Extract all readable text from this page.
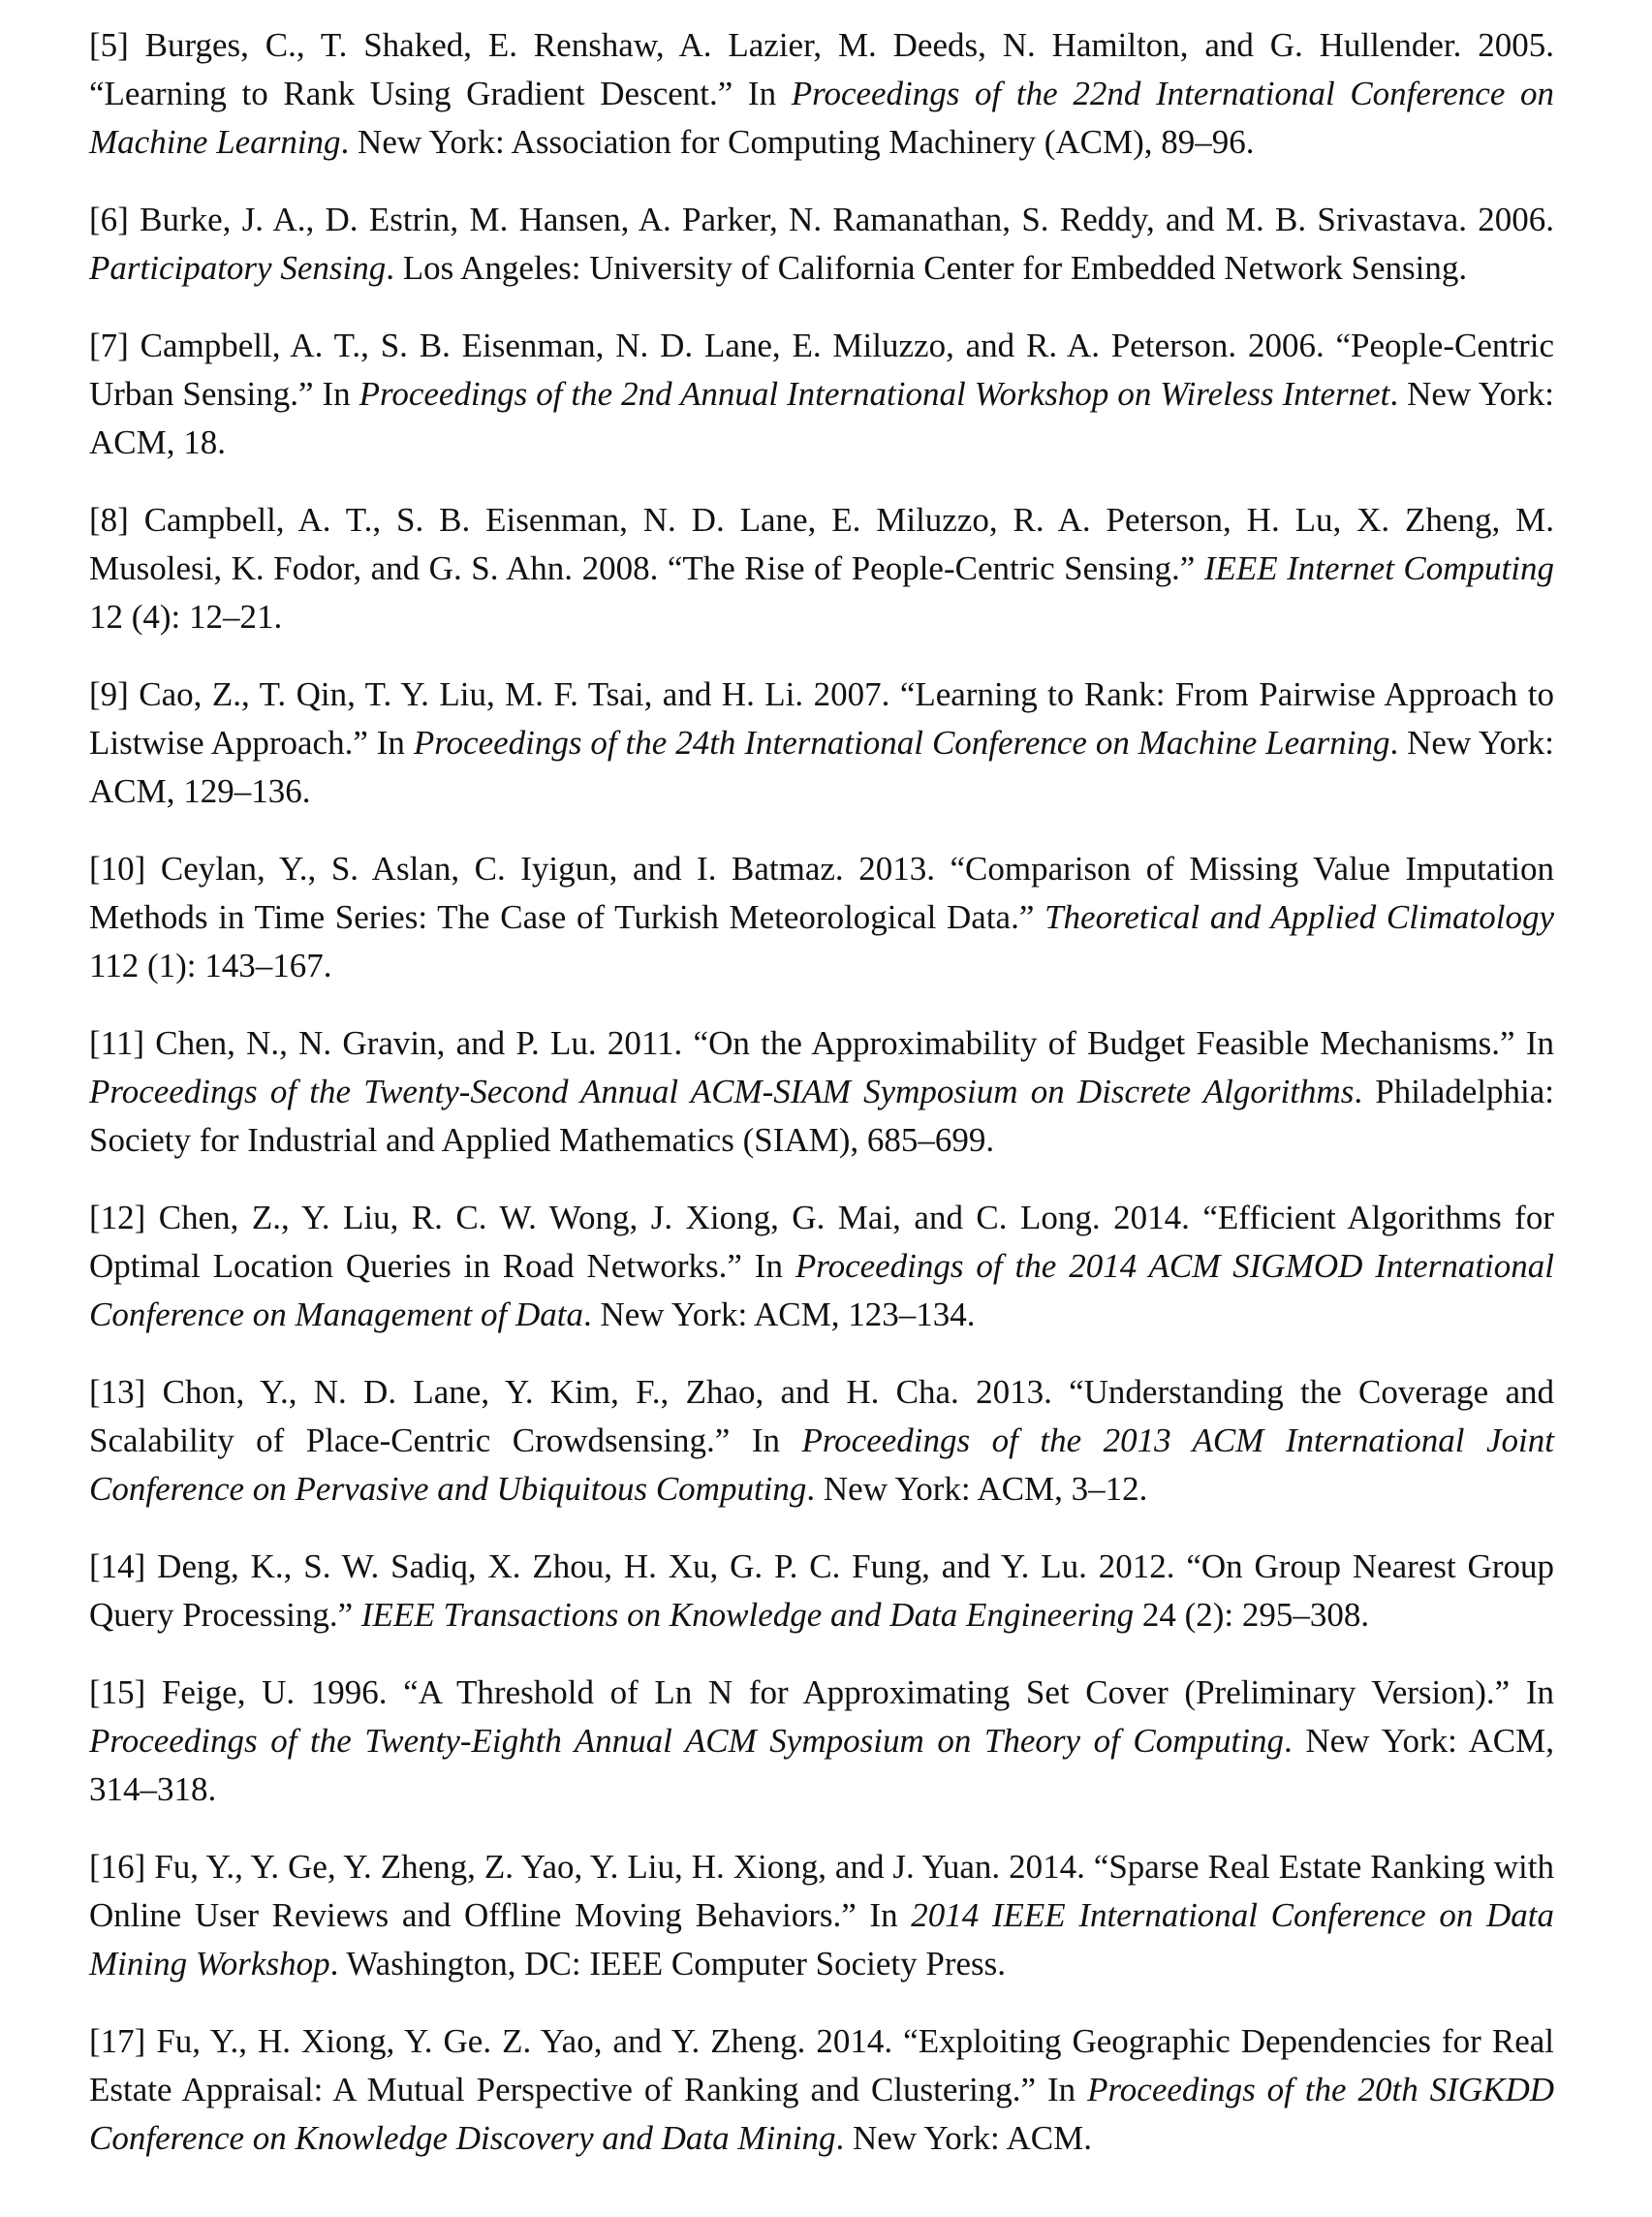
[5] Burges, C., T. Shaked, E. Renshaw, A. Lazier, M. Deeds, N. Hamilton, and G. Hullender. 2005. “Learning to Rank Using Gradient Descent.” In Proceedings of the 22nd International Conference on Machine Learning. New York: Association for Computing Machinery (ACM), 89–96.

[6] Burke, J. A., D. Estrin, M. Hansen, A. Parker, N. Ramanathan, S. Reddy, and M. B. Srivastava. 2006. Participatory Sensing. Los Angeles: University of California Center for Embedded Network Sensing.

[7] Campbell, A. T., S. B. Eisenman, N. D. Lane, E. Miluzzo, and R. A. Peterson. 2006. “People-Centric Urban Sensing.” In Proceedings of the 2nd Annual International Workshop on Wireless Internet. New York: ACM, 18.

[8] Campbell, A. T., S. B. Eisenman, N. D. Lane, E. Miluzzo, R. A. Peterson, H. Lu, X. Zheng, M. Musolesi, K. Fodor, and G. S. Ahn. 2008. “The Rise of People-Centric Sensing.” IEEE Internet Computing 12 (4): 12–21.

[9] Cao, Z., T. Qin, T. Y. Liu, M. F. Tsai, and H. Li. 2007. “Learning to Rank: From Pairwise Approach to Listwise Approach.” In Proceedings of the 24th International Conference on Machine Learning. New York: ACM, 129–136.

[10] Ceylan, Y., S. Aslan, C. Iyigun, and I. Batmaz. 2013. “Comparison of Missing Value Imputation Methods in Time Series: The Case of Turkish Meteorological Data.” Theoretical and Applied Climatology 112 (1): 143–167.

[11] Chen, N., N. Gravin, and P. Lu. 2011. “On the Approximability of Budget Feasible Mechanisms.” In Proceedings of the Twenty-Second Annual ACM-SIAM Symposium on Discrete Algorithms. Philadelphia: Society for Industrial and Applied Mathematics (SIAM), 685–699.

[12] Chen, Z., Y. Liu, R. C. W. Wong, J. Xiong, G. Mai, and C. Long. 2014. “Efficient Algorithms for Optimal Location Queries in Road Networks.” In Proceedings of the 2014 ACM SIGMOD International Conference on Management of Data. New York: ACM, 123–134.

[13] Chon, Y., N. D. Lane, Y. Kim, F., Zhao, and H. Cha. 2013. “Understanding the Coverage and Scalability of Place-Centric Crowdsensing.” In Proceedings of the 2013 ACM International Joint Conference on Pervasive and Ubiquitous Computing. New York: ACM, 3–12.

[14] Deng, K., S. W. Sadiq, X. Zhou, H. Xu, G. P. C. Fung, and Y. Lu. 2012. “On Group Nearest Group Query Processing.” IEEE Transactions on Knowledge and Data Engineering 24 (2): 295–308.

[15] Feige, U. 1996. “A Threshold of Ln N for Approximating Set Cover (Preliminary Version).” In Proceedings of the Twenty-Eighth Annual ACM Symposium on Theory of Computing. New York: ACM, 314–318.

[16] Fu, Y., Y. Ge, Y. Zheng, Z. Yao, Y. Liu, H. Xiong, and J. Yuan. 2014. “Sparse Real Estate Ranking with Online User Reviews and Offline Moving Behaviors.” In 2014 IEEE International Conference on Data Mining Workshop. Washington, DC: IEEE Computer Society Press.

[17] Fu, Y., H. Xiong, Y. Ge. Z. Yao, and Y. Zheng. 2014. “Exploiting Geographic Dependencies for Real Estate Appraisal: A Mutual Perspective of Ranking and Clustering.” In Proceedings of the 20th SIGKDD Conference on Knowledge Discovery and Data Mining. New York: ACM.
